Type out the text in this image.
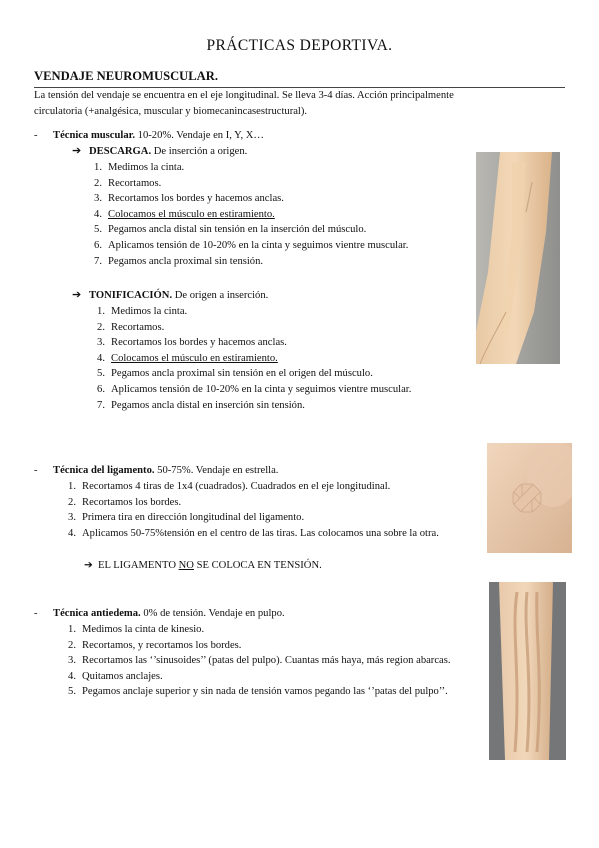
PRÁCTICAS DEPORTIVA.
VENDAJE NEUROMUSCULAR.

La tensión del vendaje se encuentra en el eje longitudinal. Se lleva 3-4 días. Acción principalmente

circulatoria (+analgésica, muscular y biomecanincasestructural).

-	Técnica muscular. 10-20%. Vendaje en I, Y, X…
➔ DESCARGA. De inserción a origen.
1. Medimos la cinta.
2. Recortamos.
3. Recortamos los bordes y hacemos anclas.
4. Colocamos el músculo en estiramiento.
5. Pegamos ancla distal sin tensión en la inserción del músculo.
6. Aplicamos tensión de 10-20% en la cinta y seguimos vientre muscular.
7. Pegamos ancla proximal sin tensión.
➔ TONIFICACIÓN. De origen a inserción.
1. Medimos la cinta.
2. Recortamos.
3. Recortamos los bordes y hacemos anclas.
4. Colocamos el músculo en estiramiento.
5. Pegamos ancla proximal sin tensión en el origen del músculo.
6. Aplicamos tensión de 10-20% en la cinta y seguimos vientre muscular.
7. Pegamos ancla distal en inserción sin tensión.
-	Técnica del ligamento. 50-75%. Vendaje en estrella.
1. Recortamos 4 tiras de 1x4 (cuadrados). Cuadrados en el eje longitudinal.
2. Recortamos los bordes.
3. Primera tira en dirección longitudinal del ligamento.
4. Aplicamos 50-75%tensión en el centro de las tiras. Las colocamos una sobre la otra.
➔ EL LIGAMENTO NO SE COLOCA EN TENSIÓN.
-	Técnica antiedema. 0% de tensión. Vendaje en pulpo.
1. Medimos la cinta de kinesio.
2. Recortamos, y recortamos los bordes.
3. Recortamos las ‘’sinusoides’’ (patas del pulpo). Cuantas más haya, más region abarcas.
4. Quitamos anclajes.
5. Pegamos anclaje superior y sin nada de tensión vamos pegando las ‘’patas del pulpo’’.
